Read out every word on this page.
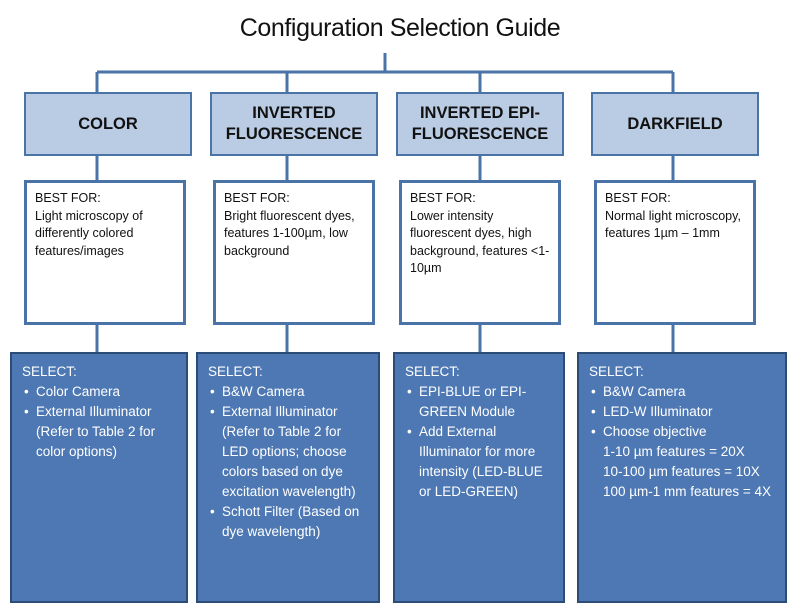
Configuration Selection Guide
COLOR
BEST FOR:
Light microscopy of differently colored features/images
SELECT:
• Color Camera
• External Illuminator (Refer to Table 2 for color options)
INVERTED FLUORESCENCE
BEST FOR:
Bright fluorescent dyes, features 1-100µm, low background
SELECT:
• B&W Camera
• External Illuminator (Refer to Table 2 for LED options; choose colors based on dye excitation wavelength)
• Schott Filter (Based on dye wavelength)
INVERTED EPI-FLUORESCENCE
BEST FOR:
Lower intensity fluorescent dyes, high background, features <1-10µm
SELECT:
• EPI-BLUE or EPI-GREEN Module
• Add External Illuminator for more intensity (LED-BLUE or LED-GREEN)
DARKFIELD
BEST FOR:
Normal light microscopy, features 1µm – 1mm
SELECT:
• B&W Camera
• LED-W Illuminator
• Choose objective
1-10 µm features = 20X
10-100 µm features = 10X
100 µm-1 mm features = 4X
